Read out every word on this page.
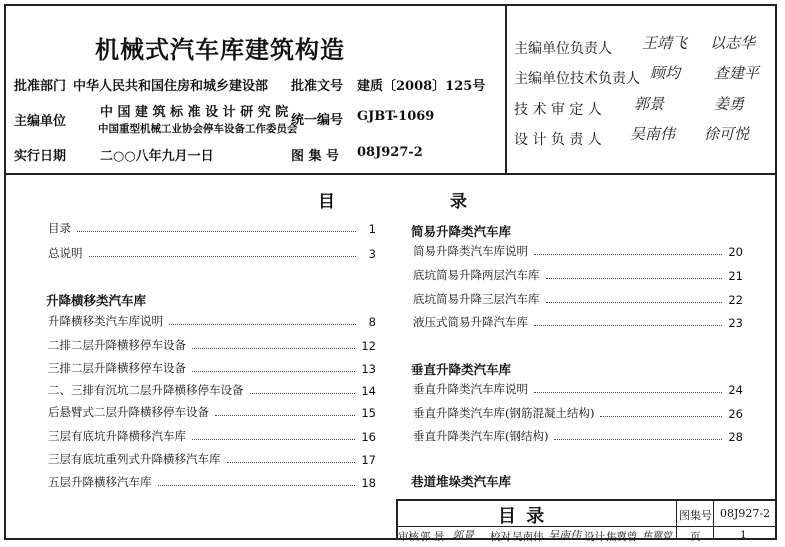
机械式汽车库建筑构造
批准部门 中华人民共和国住房和城乡建设部 批准文号 建质〔2008〕125号
主编单位
中 国 建 筑 标 准 设 计 研 究 院
中国重型机械工业协会停车设备工作委员会
统一编号 GJBT-1069
实行日期	二○○八年九月一日	图 集 号 08J927-2
主编单位负责人 王靖飞 以志华
主编单位技术负责人 顾均 查建平
技 术 审 定 人 郭景	姜勇
设 计 负 责 人 吴南伟 徐可悦
目	录
目录	1
总说明	3
升降横移类汽车库
升降横移类汽车库说明	8
二排二层升降横移停车设备	12
三排二层升降横移停车设备	13
二、三排有沉坑二层升降横移停车设备	14
后悬臂式二层升降横移停车设备	15
三层有底坑升降横移汽车库	16
三层有底坑重列式升降横移汽车库	17
五层升降横移汽车库	18
简易升降类汽车库
简易升降类汽车库说明	20
底坑简易升降两层汽车库	21
底坑简易升降三层汽车库	22
液压式简易升降汽车库	23
垂直升降类汽车库
垂直升降类汽车库说明	24
垂直升降类汽车库(钢筋混凝土结构)	26
垂直升降类汽车库(钢结构)	28
巷道堆垛类汽车库
目 录	图集号 08J927-2
审核 郭 景 郭景 校对 吴南伟 吴南伟 设计 焦冀曾 焦冀曾 页	1
